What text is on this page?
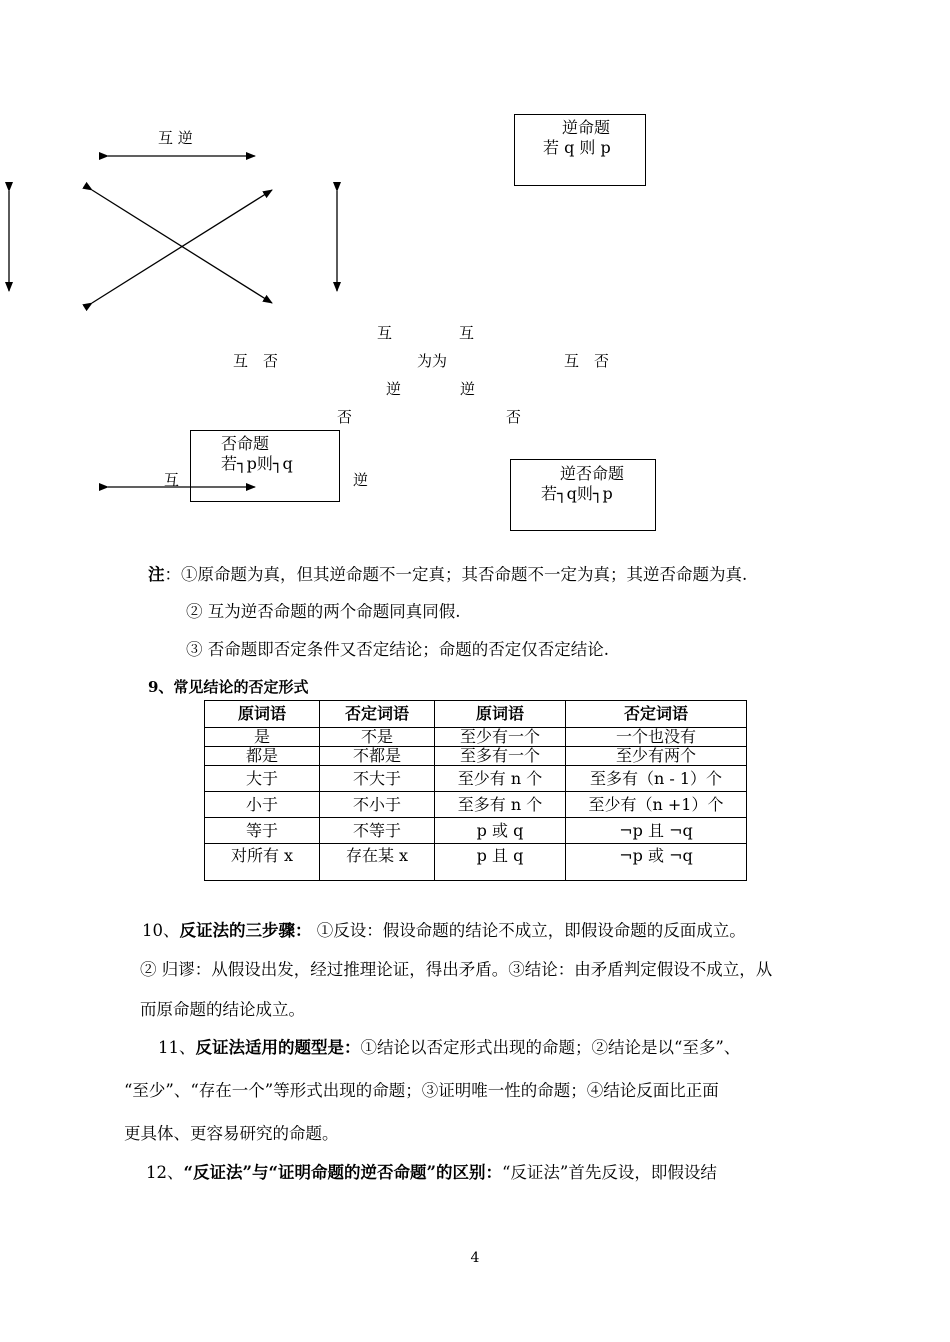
互 逆
逆命题
若 q 则 p
互	互
互　否	为为	互　否
逆	逆
否	否
否命题
若┐p则┐q
互	逆	逆否命题
若┐q则┐p
注：①原命题为真，但其逆命题不一定真；其否命题不一定为真；其逆否命题为真.
② 互为逆否命题的两个命题同真同假.
③ 否命题即否定条件又否定结论；命题的否定仅否定结论.
9、常见结论的否定形式
原词语	否定词语	原词语	否定词语
是	不是	至少有一个	一个也没有
都是	不都是	至多有一个	至少有两个
大于	不大于	至少有 n 个	至多有（n - 1）个
小于	不小于	至多有 n 个	至少有（n +1）个
等于	不等于	p 或 q	¬p 且 ¬q
对所有 x	存在某 x	p 且 q	¬p 或 ¬q
10、反证法的三步骤： ①反设：假设命题的结论不成立，即假设命题的反面成立。
② 归谬：从假设出发，经过推理论证，得出矛盾。③结论：由矛盾判定假设不成立，从
而原命题的结论成立。
11、反证法适用的题型是：①结论以否定形式出现的命题；②结论是以“至多”、
“至少”、“存在一个”等形式出现的命题；③证明唯一性的命题；④结论反面比正面
更具体、更容易研究的命题。
12、“反证法”与“证明命题的逆否命题”的区别：“反证法”首先反设，即假设结
4
